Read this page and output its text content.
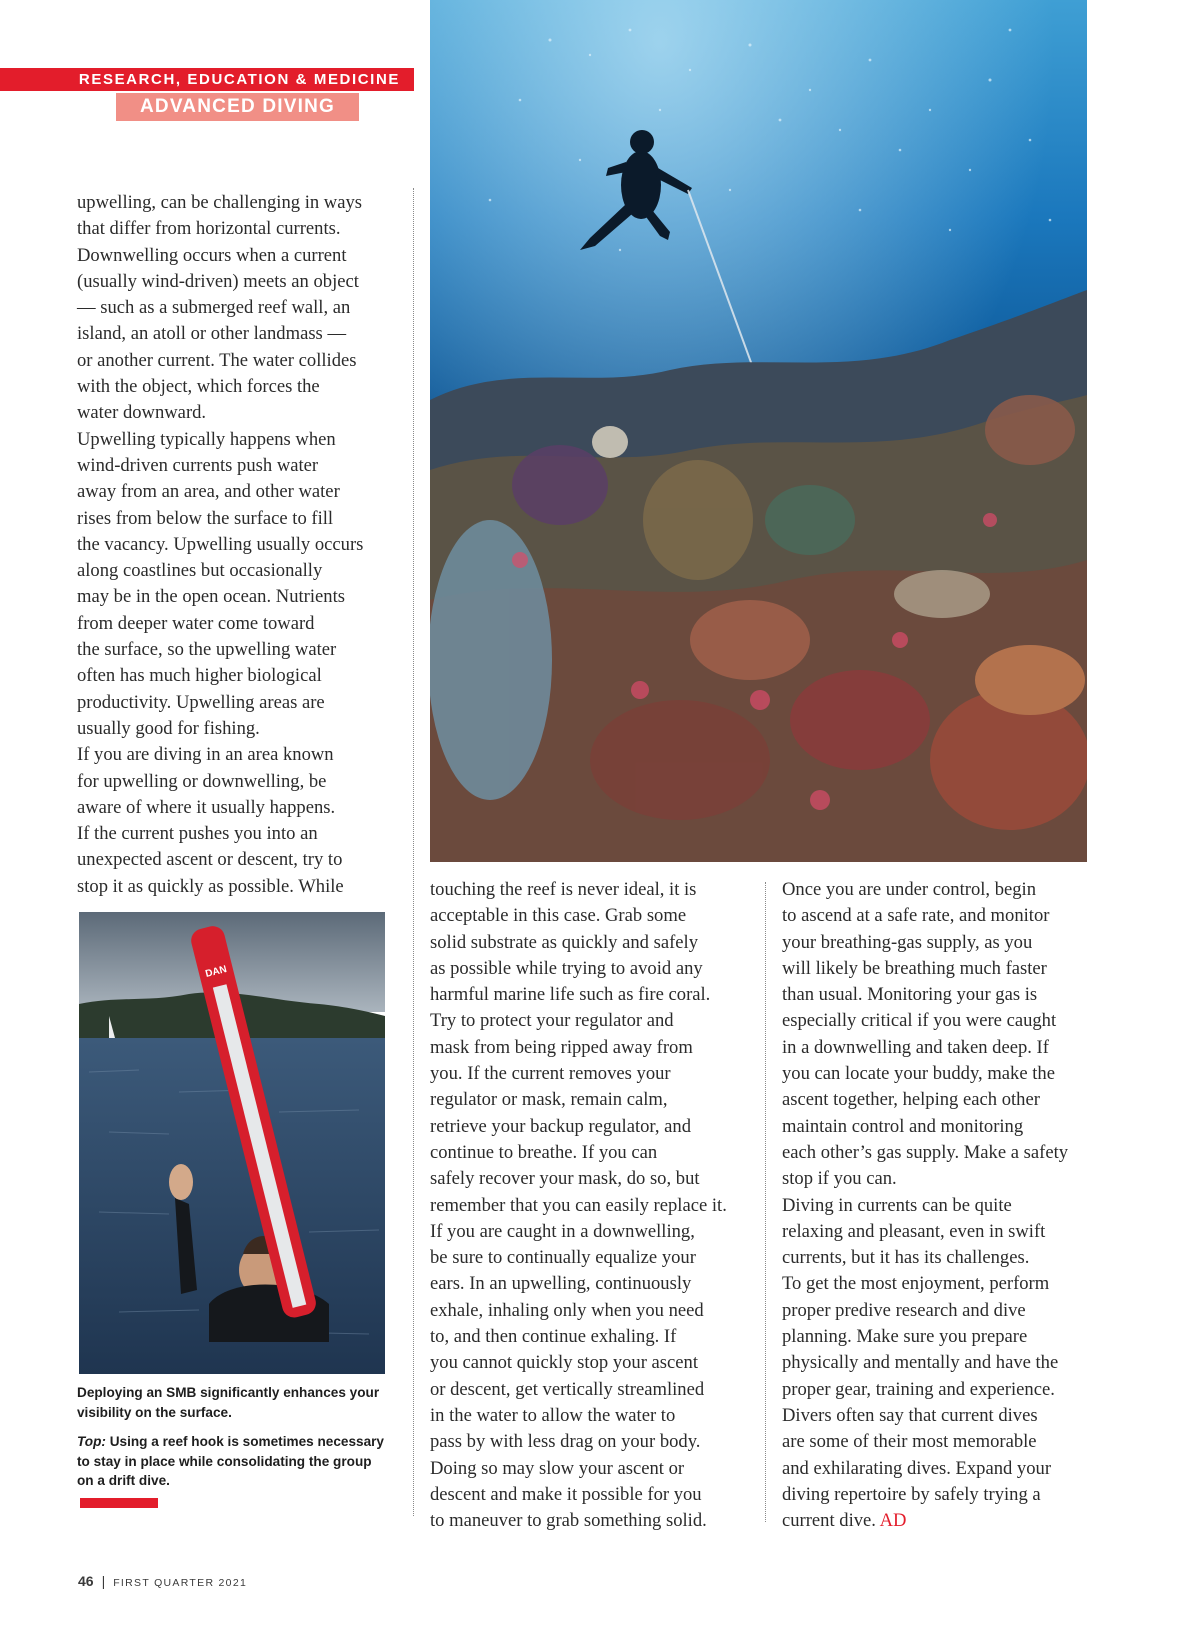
RESEARCH, EDUCATION & MEDICINE
ADVANCED DIVING

upwelling, can be challenging in ways
that differ from horizontal currents.
Downwelling occurs when a current
(usually wind-driven) meets an object
— such as a submerged reef wall, an
island, an atoll or other landmass —
or another current. The water collides
with the object, which forces the
water downward.
Upwelling typically happens when
wind-driven currents push water
away from an area, and other water
rises from below the surface to fill
the vacancy. Upwelling usually occurs
along coastlines but occasionally
may be in the open ocean. Nutrients
from deeper water come toward
the surface, so the upwelling water
often has much higher biological
productivity. Upwelling areas are
usually good for fishing.
If you are diving in an area known
for upwelling or downwelling, be
aware of where it usually happens.
If the current pushes you into an
unexpected ascent or descent, try to
stop it as quickly as possible. While

DAN

touching the reef is never ideal, it is
acceptable in this case. Grab some
solid substrate as quickly and safely
as possible while trying to avoid any
harmful marine life such as fire coral.
Try to protect your regulator and
mask from being ripped away from
you. If the current removes your
regulator or mask, remain calm,
retrieve your backup regulator, and
continue to breathe. If you can
safely recover your mask, do so, but
remember that you can easily replace it.
If you are caught in a downwelling,
be sure to continually equalize your
ears. In an upwelling, continuously
exhale, inhaling only when you need
to, and then continue exhaling. If
you cannot quickly stop your ascent
or descent, get vertically streamlined
in the water to allow the water to
pass by with less drag on your body.
Doing so may slow your ascent or
descent and make it possible for you
to maneuver to grab something solid.

Once you are under control, begin
to ascend at a safe rate, and monitor
your breathing-gas supply, as you
will likely be breathing much faster
than usual. Monitoring your gas is
especially critical if you were caught
in a downwelling and taken deep. If
you can locate your buddy, make the
ascent together, helping each other
maintain control and monitoring
each other’s gas supply. Make a safety
stop if you can.
Diving in currents can be quite
relaxing and pleasant, even in swift
currents, but it has its challenges.
To get the most enjoyment, perform
proper predive research and dive
planning. Make sure you prepare
physically and mentally and have the
proper gear, training and experience.
Divers often say that current dives
are some of their most memorable
and exhilarating dives. Expand your
diving repertoire by safely trying a
current dive. AD

Deploying an SMB significantly enhances your visibility on the surface.

Top: Using a reef hook is sometimes necessary to stay in place while consolidating the group on a drift dive.

46 | FIRST QUARTER 2021
